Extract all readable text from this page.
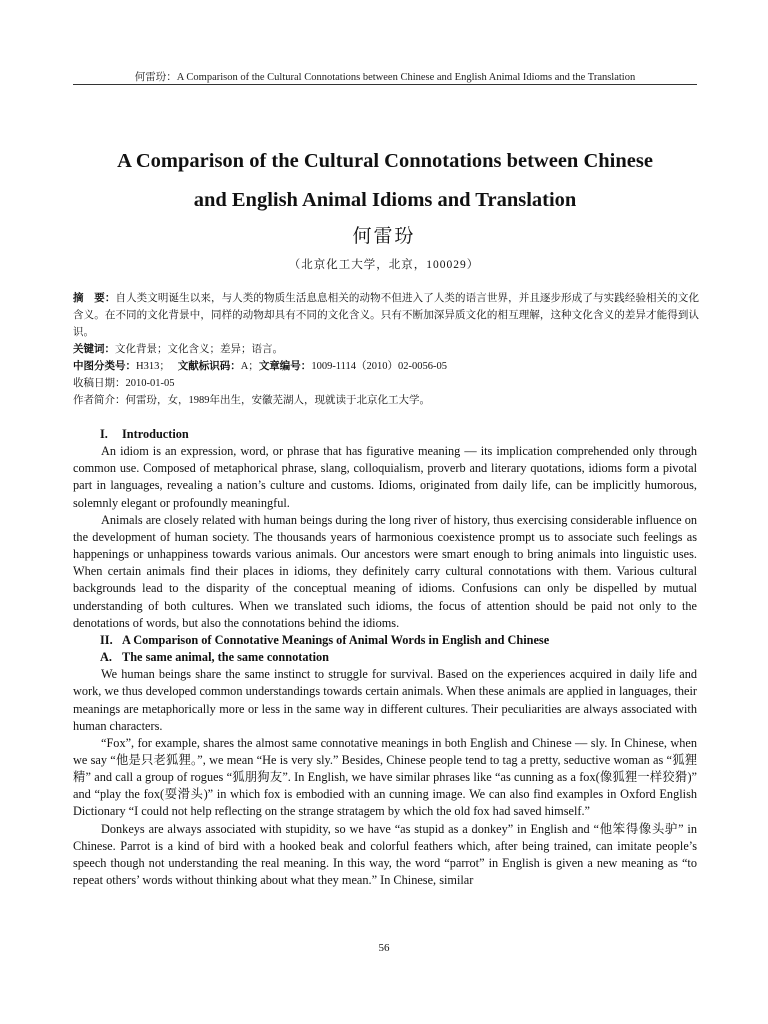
何雷玢：A Comparison of the Cultural Connotations between Chinese and English Animal Idioms and the Translation
A Comparison of the Cultural Connotations between Chinese
and English Animal Idioms and Translation
何雷玢
（北京化工大学，北京，100029）

摘　要：自人类文明诞生以来，与人类的物质生活息息相关的动物不但进入了人类的语言世界，并且逐步形成了与实践经验相关的文化含义。在不同的文化背景中，同样的动物却具有不同的文化含义。只有不断加深异质文化的相互理解，这种文化含义的差异才能得到认识。

关键词：文化背景；文化含义；差异；语言。

中图分类号：H313； 文献标识码：A；文章编号：1009-1114（2010）02-0056-05

收稿日期：2010-01-05

作者简介：何雷玢，女，1989年出生，安徽芜湖人，现就读于北京化工大学。

I. Introduction

An idiom is an expression, word, or phrase that has figurative meaning — its implication comprehended only through common use. Composed of metaphorical phrase, slang, colloquialism, proverb and literary quotations, idioms form a pivotal part in languages, revealing a nation’s culture and customs. Idioms, originated from daily life, can be implicitly humorous, solemnly elegant or profoundly meaningful.

Animals are closely related with human beings during the long river of history, thus exercising considerable influence on the development of human society. The thousands years of harmonious coexistence prompt us to associate such feelings as happenings or unhappiness towards various animals. Our ancestors were smart enough to bring animals into linguistic uses. When certain animals find their places in idioms, they definitely carry cultural connotations with them. Various cultural backgrounds lead to the disparity of the conceptual meaning of idioms. Confusions can only be dispelled by mutual understanding of both cultures. When we translated such idioms, the focus of attention should be paid not only to the denotations of words, but also the connotations behind the idioms.

II. A Comparison of Connotative Meanings of Animal Words in English and Chinese
A. The same animal, the same connotation

We human beings share the same instinct to struggle for survival. Based on the experiences acquired in daily life and work, we thus developed common understandings towards certain animals. When these animals are applied in languages, their meanings are metaphorically more or less in the same way in different cultures. Their peculiarities are always associated with human characters.

“Fox”, for example, shares the almost same connotative meanings in both English and Chinese — sly. In Chinese, when we say “他是只老狐狸。”, we mean “He is very sly.” Besides, Chinese people tend to tag a pretty, seductive woman as “狐狸精” and call a group of rogues “狐朋狗友”. In English, we have similar phrases like “as cunning as a fox(像狐狸一样狡猾)” and “play the fox(耍滑头)” in which fox is embodied with an cunning image. We can also find examples in Oxford English Dictionary “I could not help reflecting on the strange stratagem by which the old fox had saved himself.”

Donkeys are always associated with stupidity, so we have “as stupid as a donkey” in English and “他笨得像头驴” in Chinese. Parrot is a kind of bird with a hooked beak and colorful feathers which, after being trained, can imitate people’s speech though not understanding the real meaning. In this way, the word “parrot” in English is given a new meaning as “to repeat others’ words without thinking about what they mean.” In Chinese, similar

56
